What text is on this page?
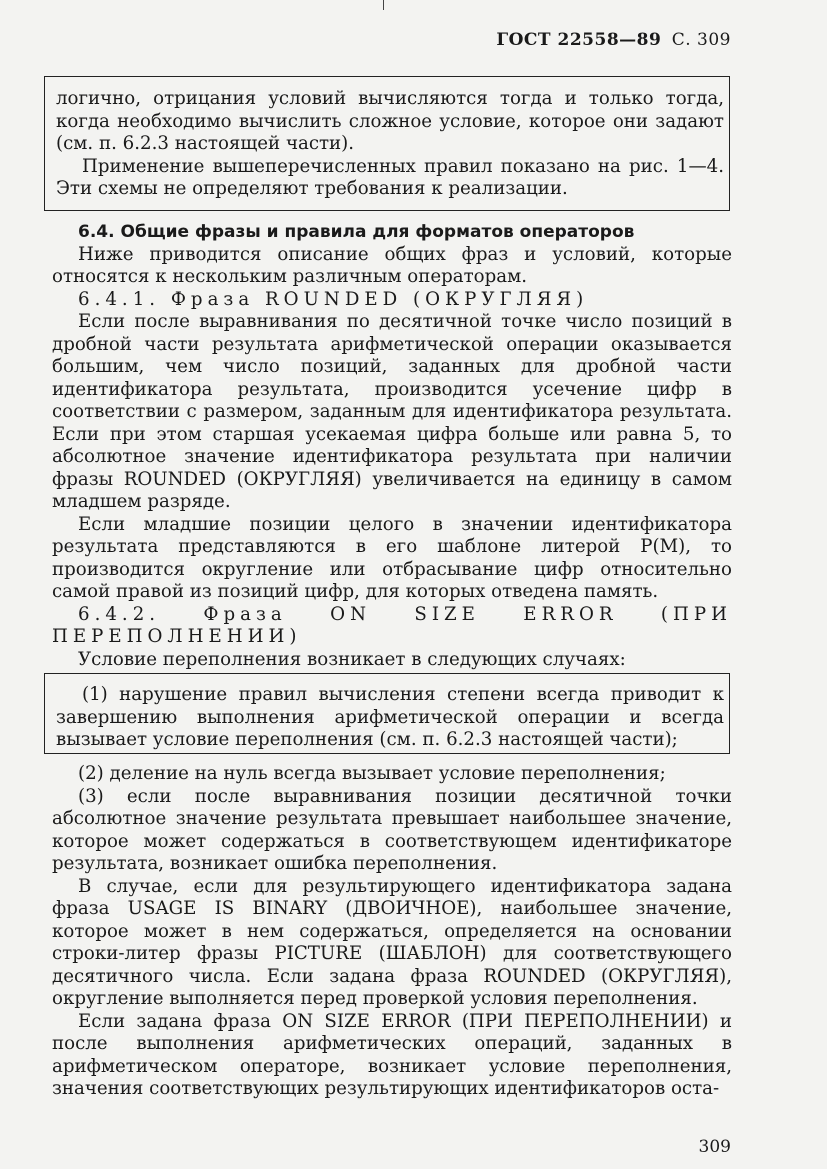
ГОСТ 22558—89 С. 309

логично, отрицания условий вычисляются тогда и только тогда, когда необходимо вычислить сложное условие, которое они задают (см. п. 6.2.3 настоящей части).

Применение вышеперечисленных правил показано на рис. 1—4. Эти схемы не определяют требования к реализации.

6.4. Общие фразы и правила для форматов операторов

Ниже приводится описание общих фраз и условий, которые относятся к нескольким различным операторам.

6.4.1. Фраза ROUNDED (ОКРУГЛЯЯ)

Если после выравнивания по десятичной точке число позиций в дробной части результата арифметической операции оказывается большим, чем число позиций, заданных для дробной части идентификатора результата, производится усечение цифр в соответствии с размером, заданным для идентификатора результата. Если при этом старшая усекаемая цифра больше или равна 5, то абсолютное значение идентификатора результата при наличии фразы ROUNDED (ОКРУГЛЯЯ) увеличивается на единицу в самом младшем разряде.

Если младшие позиции целого в значении идентификатора результата представляются в его шаблоне литерой Р(М), то производится округление или отбрасывание цифр относительно самой правой из позиций цифр, для которых отведена память.

6.4.2. Фраза ON SIZE ERROR (ПРИ ПЕРЕПОЛНЕНИИ)

Условие переполнения возникает в следующих случаях:

(1) нарушение правил вычисления степени всегда приводит к завершению выполнения арифметической операции и всегда вызывает условие переполнения (см. п. 6.2.3 настоящей части);

(2) деление на нуль всегда вызывает условие переполнения;

(3) если после выравнивания позиции десятичной точки абсолютное значение результата превышает наибольшее значение, которое может содержаться в соответствующем идентификаторе результата, возникает ошибка переполнения.

В случае, если для результирующего идентификатора задана фраза USAGE IS BINARY (ДВОИЧНОЕ), наибольшее значение, которое может в нем содержаться, определяется на основании строки-литер фразы PICTURE (ШАБЛОН) для соответствующего десятичного числа. Если задана фраза ROUNDED (ОКРУГЛЯЯ), округление выполняется перед проверкой условия переполнения.

Если задана фраза ON SIZE ERROR (ПРИ ПЕРЕПОЛНЕНИИ) и после выполнения арифметических операций, заданных в арифметическом операторе, возникает условие переполнения, значения соответствующих результирующих идентификаторов оста-

309
